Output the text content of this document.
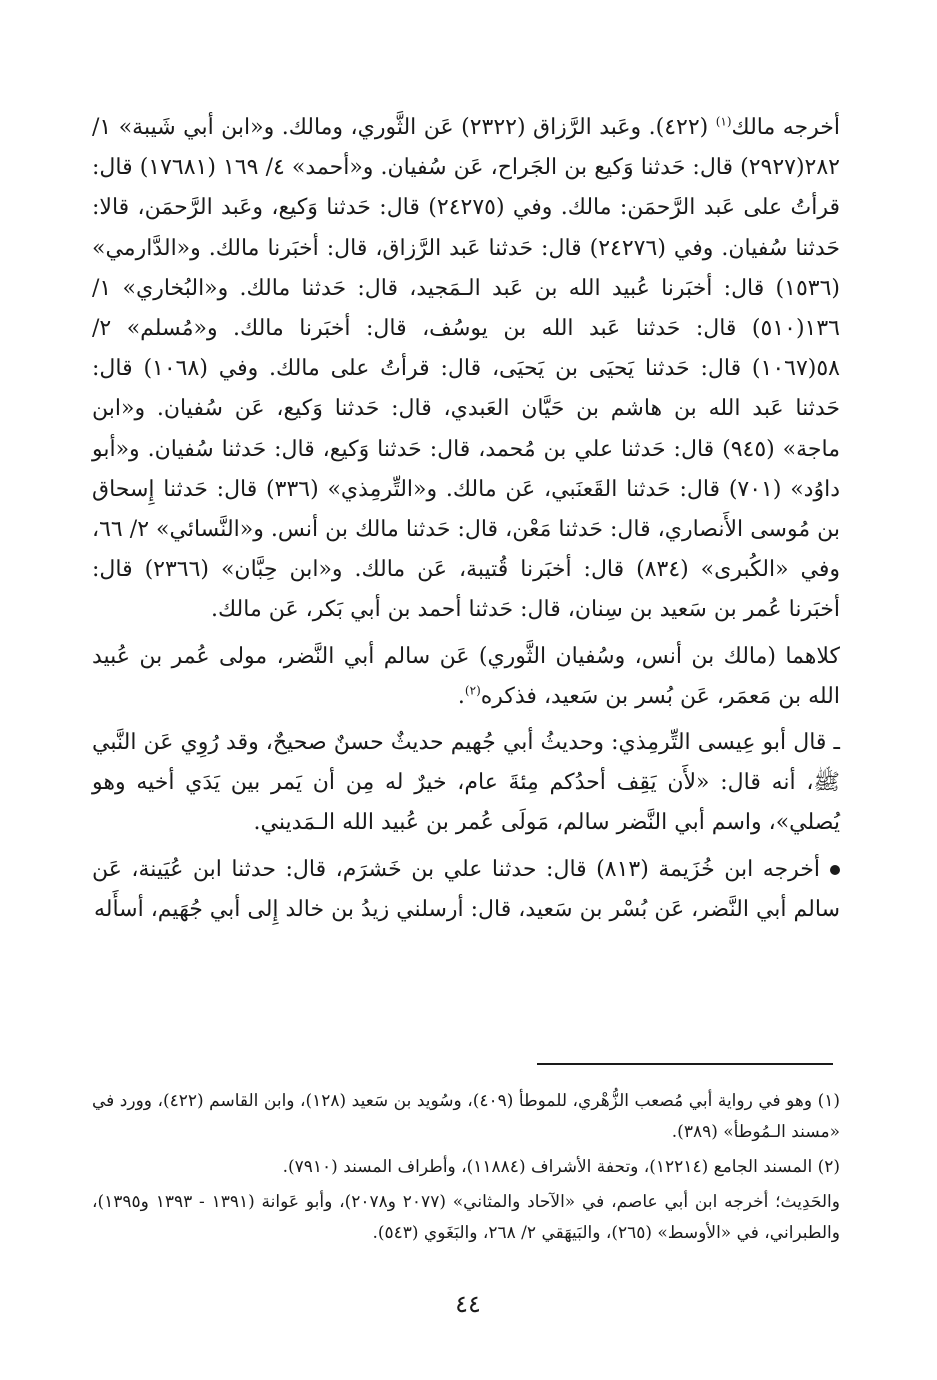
أخرجه مالك$^{(١)}$ (٤٢٢). وعَبد الرَّزاق (٢٣٢٢) عَن الثَّوري، ومالك. و«ابن أبي شَيبة» ١/ ٢٨٢(٢٩٢٧) قال: حَدثنا وَكيع بن الجَراح، عَن سُفيان. و«أحمد» ٤/ ١٦٩ (١٧٦٨١) قال: قرأتُ على عَبد الرَّحمَن: مالك. وفي (٢٤٢٧٥) قال: حَدثنا وَكيع، وعَبد الرَّحمَن، قالا: حَدثنا سُفيان. وفي (٢٤٢٧٦) قال: حَدثنا عَبد الرَّزاق، قال: أخبَرنا مالك. و«الدَّارمي» (١٥٣٦) قال: أخبَرنا عُبيد الله بن عَبد الـمَجيد، قال: حَدثنا مالك. و«البُخاري» ١/ ١٣٦(٥١٠) قال: حَدثنا عَبد الله بن يوسُف، قال: أخبَرنا مالك. و«مُسلم» ٢/ ٥٨(١٠٦٧) قال: حَدثنا يَحيَى بن يَحيَى، قال: قرأتُ على مالك. وفي (١٠٦٨) قال: حَدثنا عَبد الله بن هاشم بن حَيَّان العَبدي، قال: حَدثنا وَكيع، عَن سُفيان. و«ابن ماجة» (٩٤٥) قال: حَدثنا علي بن مُحمد، قال: حَدثنا وَكيع، قال: حَدثنا سُفيان. و«أبو داوُد» (٧٠١) قال: حَدثنا القَعنَبي، عَن مالك. و«التِّرمِذي» (٣٣٦) قال: حَدثنا إِسحاق بن مُوسى الأَنصاري، قال: حَدثنا مَعْن، قال: حَدثنا مالك بن أنس. و«النَّسائي» ٢/ ٦٦، وفي «الكُبرى» (٨٣٤) قال: أخبَرنا قُتيبة، عَن مالك. و«ابن حِبَّان» (٢٣٦٦) قال: أخبَرنا عُمر بن سَعيد بن سِنان، قال: حَدثنا أحمد بن أبي بَكر، عَن مالك.

كلاهما (مالك بن أنس، وسُفيان الثَّوري) عَن سالم أبي النَّضر، مولى عُمر بن عُبيد الله بن مَعمَر، عَن بُسر بن سَعيد، فذكره$^{(٢)}$.

ـ قال أبو عِيسى التِّرمِذي: وحديثُ أبي جُهيم حديثٌ حسنٌ صحيحٌ، وقد رُوِي عَن النَّبي ﷺ، أنه قال: «لأَن يَقِف أحدُكم مِئةَ عام، خيرٌ له مِن أن يَمر بين يَدَي أخيه وهو يُصلي»، واسم أبي النَّضر سالم، مَولَى عُمر بن عُبيد الله الـمَديني.

أخرجه ابن خُزَيمة (٨١٣) قال: حدثنا علي بن خَشرَم، قال: حدثنا ابن عُيَينة، عَن سالم أبي النَّضر، عَن بُسْر بن سَعيد، قال: أرسلني زيدُ بن خالد إِلى أبي جُهَيم، أسأَله

(١) وهو في رواية أبي مُصعب الزُّهْري، للموطأ (٤٠٩)، وسُويد بن سَعيد (١٢٨)، وابن القاسم (٤٢٢)، وورد في «مسند الـمُوطأ» (٣٨٩).

(٢) المسند الجامع (١٢٢١٤)، وتحفة الأشراف (١١٨٨٤)، وأطراف المسند (٧٩١٠).

والحَدِيث؛ أخرجه ابن أبي عاصم، في «الآحاد والمثاني» (٢٠٧٧ و٢٠٧٨)، وأبو عَوانة (١٣٩١ - ١٣٩٣ و١٣٩٥)، والطبراني، في «الأوسط» (٢٦٥)، والبَيهَقي ٢/ ٢٦٨، والبَغَوي (٥٤٣).

٤٤
